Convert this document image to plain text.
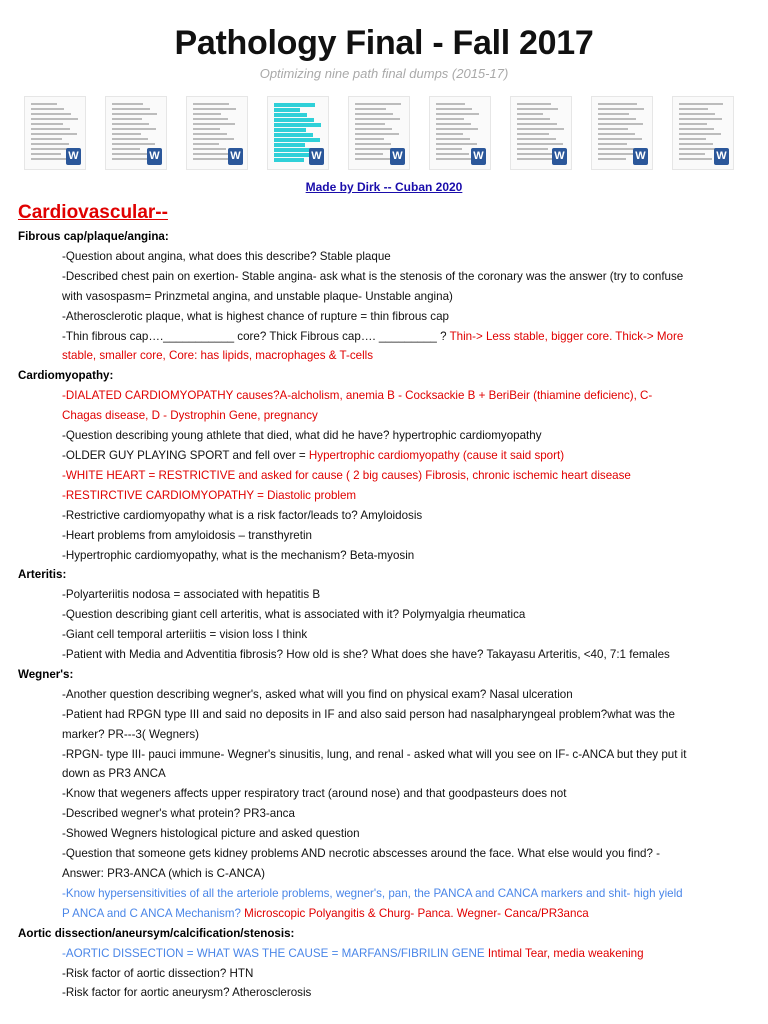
Pathology Final - Fall 2017
Optimizing nine path final dumps (2015-17)
W	W	W	W	W	W	W	W	W
Made by Dirk -- Cuban 2020
Cardiovascular--
Fibrous cap/plaque/angina:
-Question about angina, what does this describe? Stable plaque
-Described chest pain on exertion- Stable angina- ask what is the stenosis of the coronary was the answer (try to confuse
with vasospasm= Prinzmetal angina, and unstable plaque- Unstable angina)
-Atherosclerotic plaque, what is highest chance of rupture = thin fibrous cap
-Thin fibrous cap….___________ core? Thick Fibrous cap…. _________ ? Thin-> Less stable, bigger core. Thick-> More
stable, smaller core, Core: has lipids, macrophages & T-cells
Cardiomyopathy:
-DIALATED CARDIOMYOPATHY causes?A-alcholism, anemia B - Cocksackie B + BeriBeir (thiamine deficienc), C-
Chagas disease, D - Dystrophin Gene, pregnancy
-Question describing young athlete that died, what did he have? hypertrophic cardiomyopathy
-OLDER GUY PLAYING SPORT and fell over = Hypertrophic cardiomyopathy (cause it said sport)
-WHITE HEART = RESTRICTIVE and asked for cause ( 2 big causes) Fibrosis, chronic ischemic heart disease
-RESTIRCTIVE CARDIOMYOPATHY = Diastolic problem
-Restrictive cardiomyopathy what is a risk factor/leads to? Amyloidosis
-Heart problems from amyloidosis – transthyretin
-Hypertrophic cardiomyopathy, what is the mechanism? Beta-myosin
Arteritis:
-Polyarteriitis nodosa = associated with hepatitis B
-Question describing giant cell arteritis, what is associated with it? Polymyalgia rheumatica
-Giant cell temporal arteriitis = vision loss I think
-Patient with Media and Adventitia fibrosis? How old is she? What does she have? Takayasu Arteritis, <40, 7:1 females
Wegner's:
-Another question describing wegner's, asked what will you find on physical exam? Nasal ulceration
-Patient had RPGN type III and said no deposits in IF and also said person had nasalpharyngeal problem?what was the
marker? PR---3( Wegners)
-RPGN- type III- pauci immune- Wegner's sinusitis, lung, and renal - asked what will you see on IF- c-ANCA but they put it
down as PR3 ANCA
-Know that wegeners affects upper respiratory tract (around nose) and that goodpasteurs does not
-Described wegner's what protein? PR3-anca
-Showed Wegners histological picture and asked question
-Question that someone gets kidney problems AND necrotic abscesses around the face. What else would you find? -
Answer: PR3-ANCA (which is C-ANCA)
-Know hypersensitivities of all the arteriole problems, wegner's, pan, the PANCA and CANCA markers and shit- high yield
P ANCA and C ANCA Mechanism? Microscopic Polyangitis & Churg- Panca. Wegner- Canca/PR3anca
Aortic dissection/aneursym/calcification/stenosis:
-AORTIC DISSECTION = WHAT WAS THE CAUSE = MARFANS/FIBRILIN GENE Intimal Tear, media weakening
-Risk factor of aortic dissection? HTN
-Risk factor for aortic aneurysm? Atherosclerosis
